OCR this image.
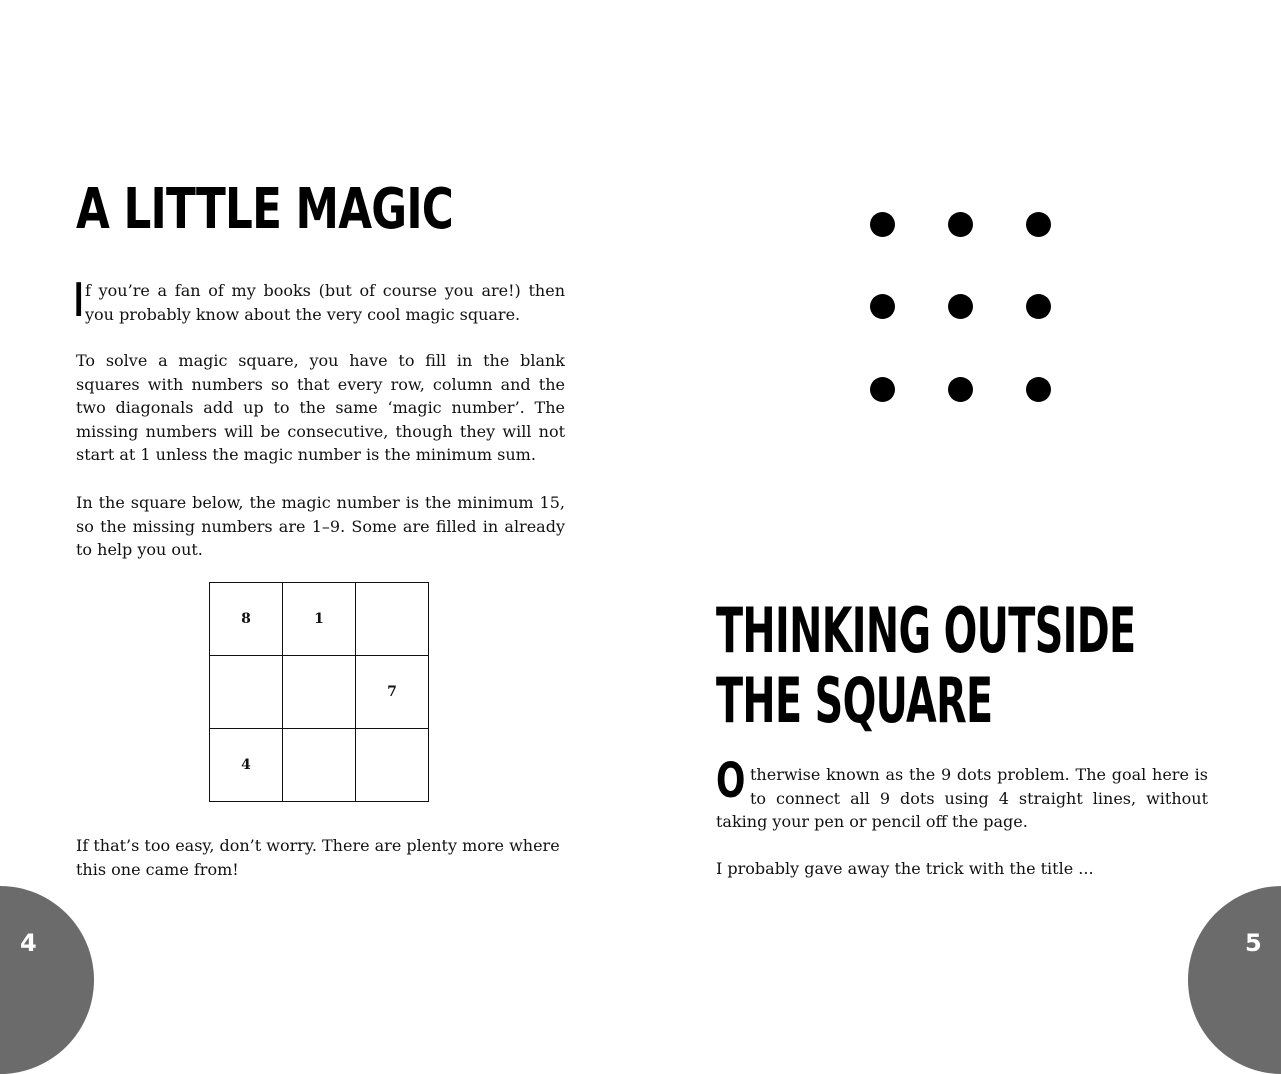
A LITTLE MAGIC

If you’re a fan of my books (but of course you are!) then you probably know about the very cool magic square.

To solve a magic square, you have to fill in the blank squares with numbers so that every row, column and the two diagonals add up to the same ‘magic number’. The missing numbers will be consecutive, though they will not start at 1 unless the magic number is the minimum sum.

In the square below, the magic number is the minimum 15, so the missing numbers are 1–9. Some are filled in already to help you out.

8	1	
		7
4		

If that’s too easy, don’t worry. There are plenty more where this one came from!

4
THINKING OUTSIDE THE SQUARE

Otherwise known as the 9 dots problem. The goal here is to connect all 9 dots using 4 straight lines, without taking your pen or pencil off the page.

I probably gave away the trick with the title ...

5
